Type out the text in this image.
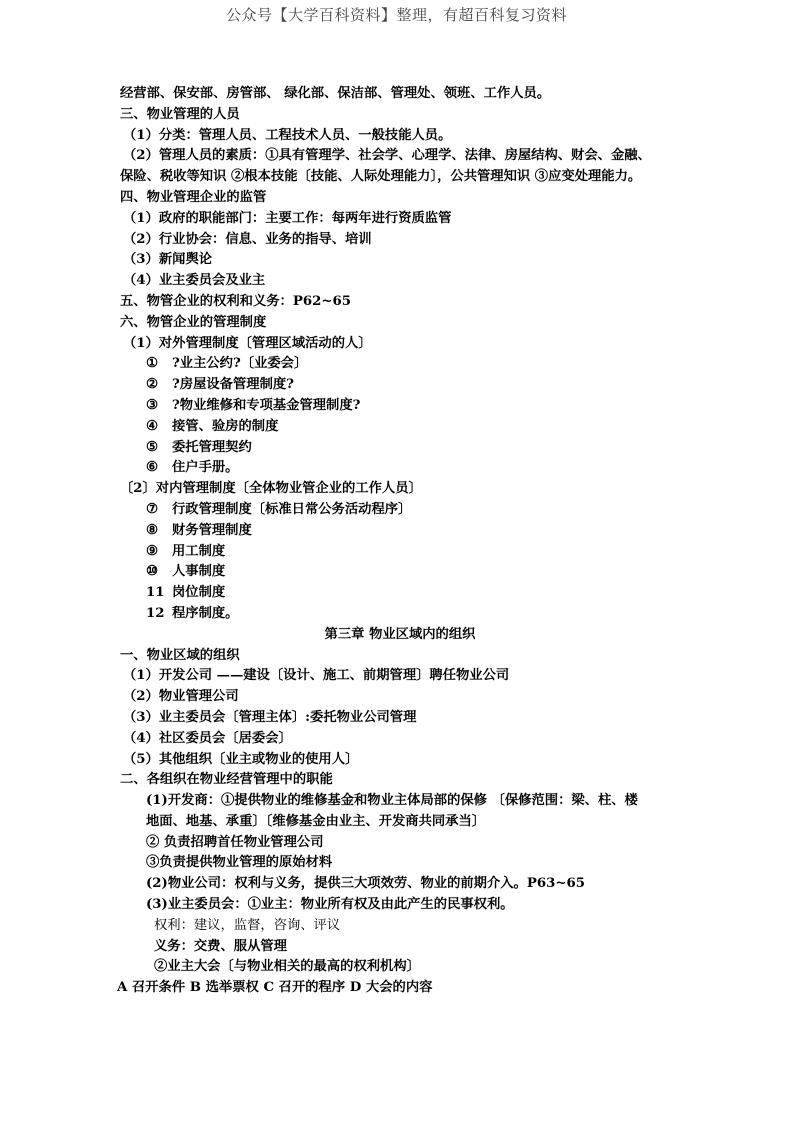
公众号【大学百科资料】整理，有超百科复习资料
经营部、保安部、房管部、 绿化部、保洁部、管理处、领班、工作人员。
三、物业管理的人员
（1）分类：管理人员、工程技术人员、一般技能人员。
（2）管理人员的素质：①具有管理学、社会学、心理学、法律、房屋结构、财会、金融、
保险、税收等知识 ②根本技能〔技能、人际处理能力〕，公共管理知识 ③应变处理能力。
四、物业管理企业的监管
（1）政府的职能部门：主要工作：每两年进行资质监管
（2）行业协会：信息、业务的指导、培训
（3）新闻舆论
（4）业主委员会及业主
五、物管企业的权利和义务：P62~65
六、物管企业的管理制度
（1）对外管理制度〔管理区域活动的人〕
① ?业主公约?〔业委会〕
② ?房屋设备管理制度?
③ ?物业维修和专项基金管理制度?
④ 接管、验房的制度
⑤ 委托管理契约
⑥ 住户手册。
〔2〕对内管理制度〔全体物业管企业的工作人员〕
⑦ 行政管理制度〔标准日常公务活动程序〕
⑧ 财务管理制度
⑨ 用工制度
⑩ 人事制度
11 岗位制度
12 程序制度。
第三章 物业区域内的组织
一、物业区域的组织
（1）开发公司 ——建设〔设计、施工、前期管理〕聘任物业公司
（2）物业管理公司
（3）业主委员会〔管理主体〕:委托物业公司管理
（4）社区委员会〔居委会〕
（5）其他组织〔业主或物业的使用人〕
二、各组织在物业经营管理中的职能
(1)开发商：①提供物业的维修基金和物业主体局部的保修 〔保修范围：梁、柱、楼
地面、地基、承重〕〔维修基金由业主、开发商共同承当〕
② 负责招聘首任物业管理公司
③负责提供物业管理的原始材料
(2)物业公司：权利与义务，提供三大项效劳、物业的前期介入。P63~65
(3)业主委员会：①业主：物业所有权及由此产生的民事权利。
权利：建议，监督，咨询、评议
义务：交费、服从管理
②业主大会〔与物业相关的最高的权利机构〕
A 召开条件 B 选举票权 C 召开的程序 D 大会的内容
